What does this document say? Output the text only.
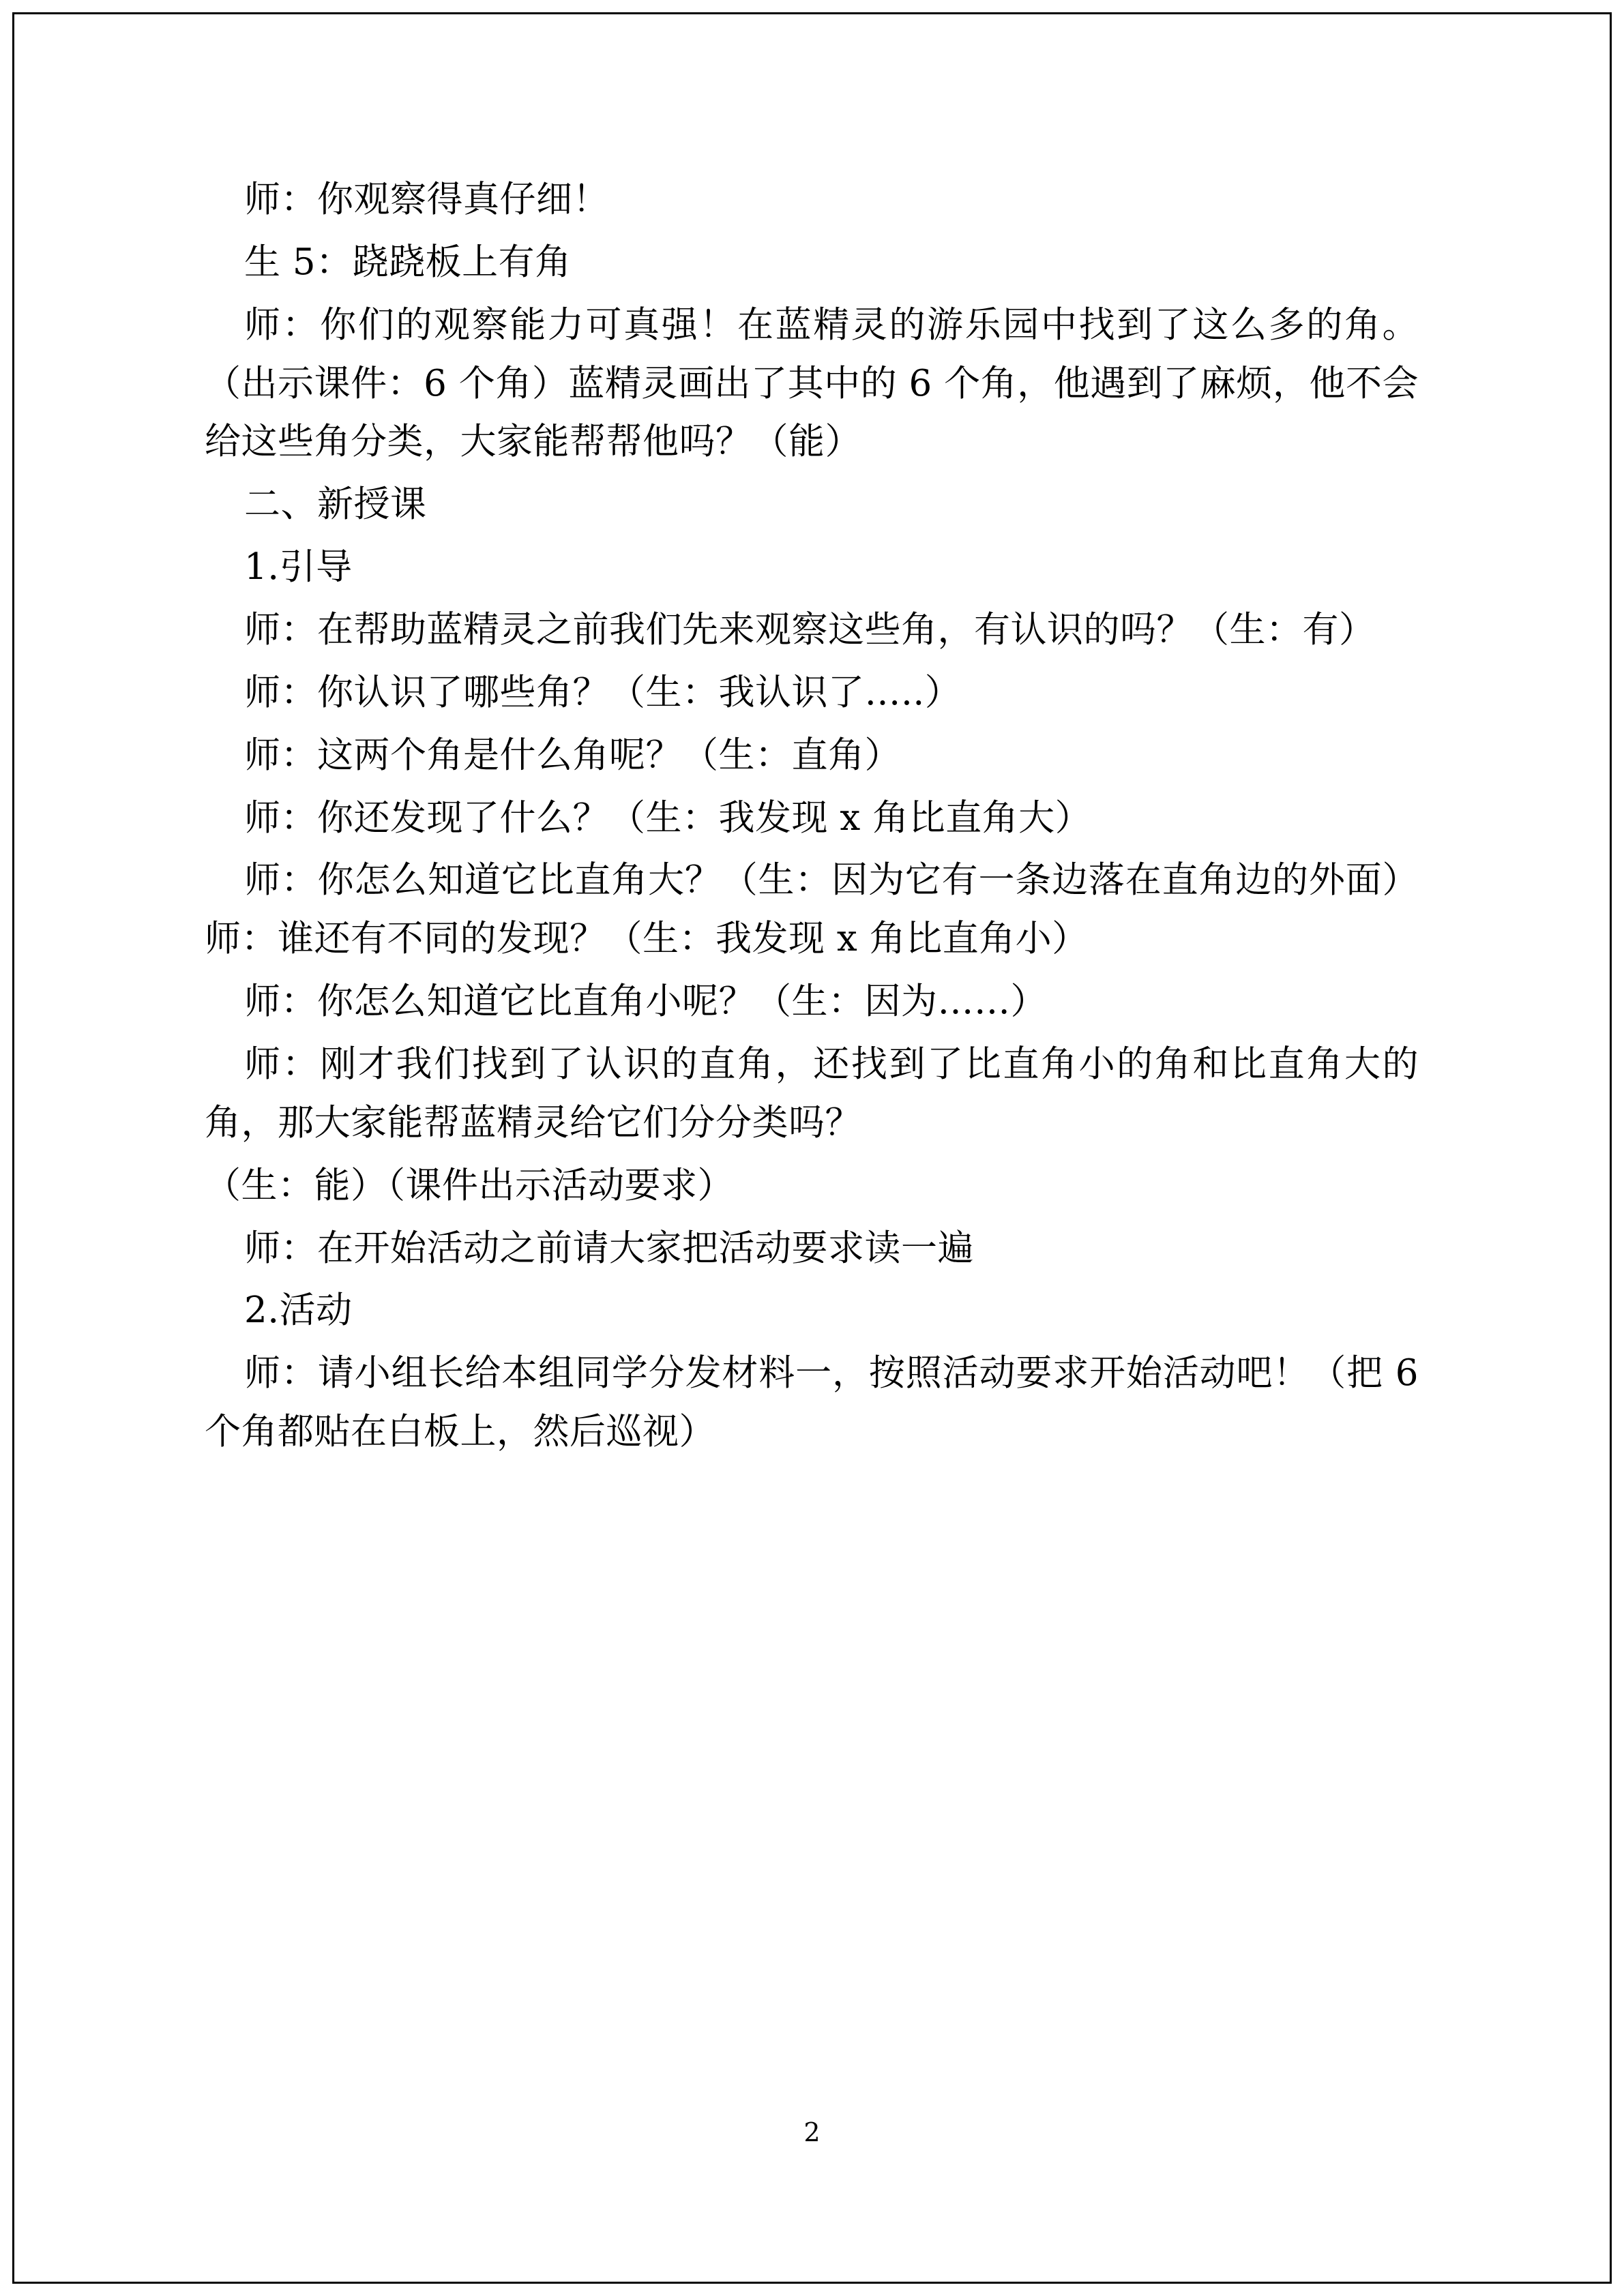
师：你观察得真仔细！

生 5：跷跷板上有角

师：你们的观察能力可真强！在蓝精灵的游乐园中找到了这么多的角。（出示课件：6 个角）蓝精灵画出了其中的 6 个角，他遇到了麻烦，他不会给这些角分类，大家能帮帮他吗？（能）

二、新授课

1.引导

师：在帮助蓝精灵之前我们先来观察这些角，有认识的吗？（生：有）

师：你认识了哪些角？（生：我认识了…..）

师：这两个角是什么角呢？（生：直角）

师：你还发现了什么？（生：我发现 x 角比直角大）

师：你怎么知道它比直角大？（生：因为它有一条边落在直角边的外面）师：谁还有不同的发现？（生：我发现 x 角比直角小）

师：你怎么知道它比直角小呢？（生：因为……）

师：刚才我们找到了认识的直角，还找到了比直角小的角和比直角大的角，那大家能帮蓝精灵给它们分分类吗？

（生：能）（课件出示活动要求）

师：在开始活动之前请大家把活动要求读一遍

2.活动

师：请小组长给本组同学分发材料一，按照活动要求开始活动吧！（把 6 个角都贴在白板上，然后巡视）

2
